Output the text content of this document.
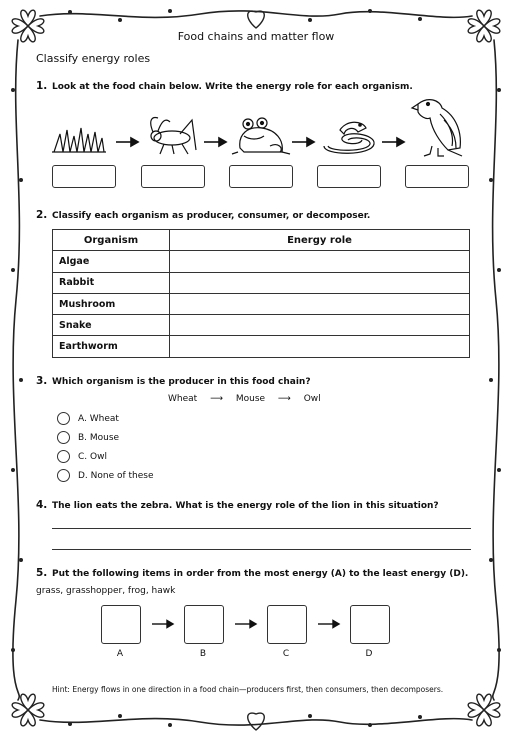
Food chains and matter flow
Classify energy roles
1. Look at the food chain below. Write the energy role for each organism.
2. Classify each organism as producer, consumer, or decomposer.
Organism	Energy role
Algae	
Rabbit	
Mushroom	
Snake	
Earthworm	
3. Which organism is the producer in this food chain?
Wheat ⟶ Mouse ⟶ Owl
A. Wheat
B. Mouse
C. Owl
D. None of these
4. The lion eats the zebra. What is the energy role of the lion in this situation?
5. Put the following items in order from the most energy (A) to the least energy (D).
grass, grasshopper, frog, hawk
A	B	C	D
Hint: Energy flows in one direction in a food chain—producers first, then consumers, then decomposers.
